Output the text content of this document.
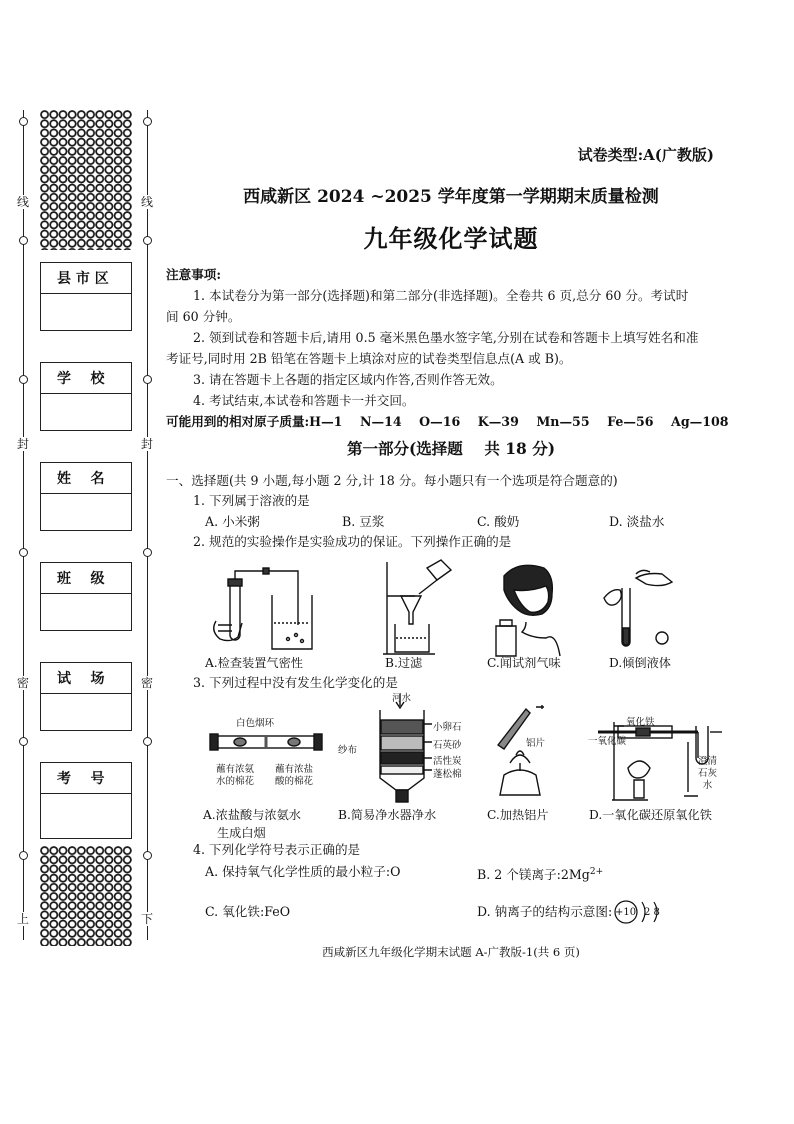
线
封
密
上
线
封
密
下
县 市 区
学    校
姓    名
班    级
试    场
考    号
试卷类型:A(广教版)
西咸新区 2024 ~2025 学年度第一学期期末质量检测
九年级化学试题

注意事项:

1. 本试卷分为第一部分(选择题)和第二部分(非选择题)。全卷共 6 页,总分 60 分。考试时

间 60 分钟。

2. 领到试卷和答题卡后,请用 0.5 毫米黑色墨水签字笔,分别在试卷和答题卡上填写姓名和准

考证号,同时用 2B 铅笔在答题卡上填涂对应的试卷类型信息点(A 或 B)。

3. 请在答题卡上各题的指定区域内作答,否则作答无效。

4. 考试结束,本试卷和答题卡一并交回。

可能用到的相对原子质量:H—1    N—14    O—16    K—39    Mn—55    Fe—56    Ag—108

第一部分(选择题    共 18 分)
一、选择题(共 9 小题,每小题 2 分,计 18 分。每小题只有一个选项是符合题意的)
1. 下列属于溶液的是
A. 小米粥	B. 豆浆	C. 酸奶	D. 淡盐水
2. 规范的实验操作是实验成功的保证。下列操作正确的是
A.检查装置气密性	B.过滤	C.闻试剂气味	D.倾倒液体
3. 下列过程中没有发生化学变化的是
白色烟环
蘸有浓氨
水的棉花
蘸有浓盐
酸的棉花
河水
纱布
小卵石
石英砂
活性炭
蓬松棉
铝片	一氧化碳
氧化铁
澄清
石灰
水
A.浓盐酸与浓氨水
生成白烟
B.简易净水器净水	C.加热铝片	D.一氧化碳还原氧化铁
4. 下列化学符号表示正确的是
A. 保持氧气化学性质的最小粒子:O	B. 2 个镁离子$:2Mg^{2+}$
C. 氧化铁:FeO	D. 钠离子的结构示意图: +10 2 8
西咸新区九年级化学期末试题 A-广教版-1(共 6 页)
